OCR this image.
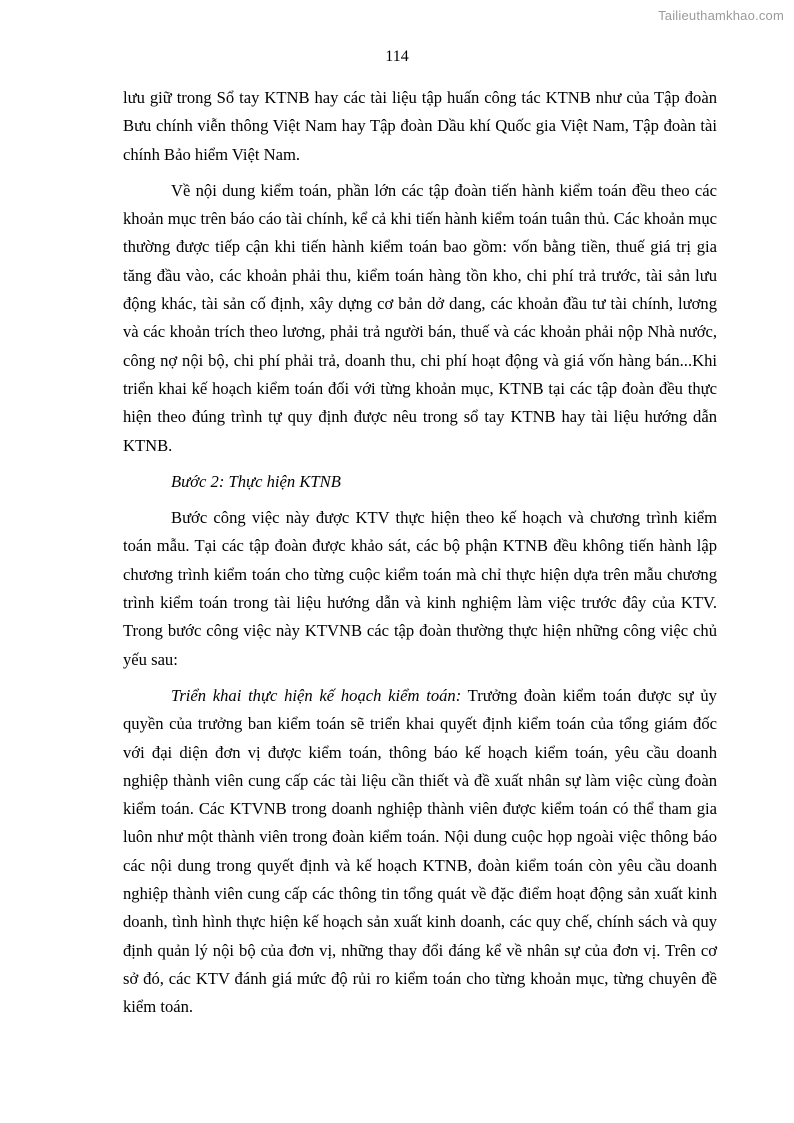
Tailieuthamkhao.com
114

lưu giữ trong Sổ tay KTNB hay các tài liệu tập huấn công tác KTNB như của Tập đoàn Bưu chính viễn thông Việt Nam hay Tập đoàn Dầu khí Quốc gia Việt Nam, Tập đoàn tài chính Bảo hiểm Việt Nam.

Về nội dung kiểm toán, phần lớn các tập đoàn tiến hành kiểm toán đều theo các khoản mục trên báo cáo tài chính, kể cả khi tiến hành kiểm toán tuân thủ. Các khoản mục thường được tiếp cận khi tiến hành kiểm toán bao gồm: vốn bằng tiền, thuế giá trị gia tăng đầu vào, các khoản phải thu, kiểm toán hàng tồn kho, chi phí trả trước, tài sản lưu động khác, tài sản cố định, xây dựng cơ bản dở dang, các khoản đầu tư tài chính, lương và các khoản trích theo lương, phải trả người bán, thuế và các khoản phải nộp Nhà nước, công nợ nội bộ, chi phí phải trả, doanh thu, chi phí hoạt động và giá vốn hàng bán...Khi triển khai kế hoạch kiểm toán đối với từng khoản mục, KTNB tại các tập đoàn đều thực hiện theo đúng trình tự quy định được nêu trong sổ tay KTNB hay tài liệu hướng dẫn KTNB.

Bước 2: Thực hiện KTNB

Bước công việc này được KTV thực hiện theo kế hoạch và chương trình kiểm toán mẫu. Tại các tập đoàn được khảo sát, các bộ phận KTNB đều không tiến hành lập chương trình kiểm toán cho từng cuộc kiểm toán mà chỉ thực hiện dựa trên mẫu chương trình kiểm toán trong tài liệu hướng dẫn và kinh nghiệm làm việc trước đây của KTV. Trong bước công việc này KTVNB các tập đoàn thường thực hiện những công việc chủ yếu sau:

Triển khai thực hiện kế hoạch kiểm toán: Trưởng đoàn kiểm toán được sự ủy quyền của trưởng ban kiểm toán sẽ triển khai quyết định kiểm toán của tổng giám đốc với đại diện đơn vị được kiểm toán, thông báo kế hoạch kiểm toán, yêu cầu doanh nghiệp thành viên cung cấp các tài liệu cần thiết và đề xuất nhân sự làm việc cùng đoàn kiểm toán. Các KTVNB trong doanh nghiệp thành viên được kiểm toán có thể tham gia luôn như một thành viên trong đoàn kiểm toán. Nội dung cuộc họp ngoài việc thông báo các nội dung trong quyết định và kế hoạch KTNB, đoàn kiểm toán còn yêu cầu doanh nghiệp thành viên cung cấp các thông tin tổng quát về đặc điểm hoạt động sản xuất kinh doanh, tình hình thực hiện kế hoạch sản xuất kinh doanh, các quy chế, chính sách và quy định quản lý nội bộ của đơn vị, những thay đổi đáng kể về nhân sự của đơn vị. Trên cơ sở đó, các KTV đánh giá mức độ rủi ro kiểm toán cho từng khoản mục, từng chuyên đề kiểm toán.
